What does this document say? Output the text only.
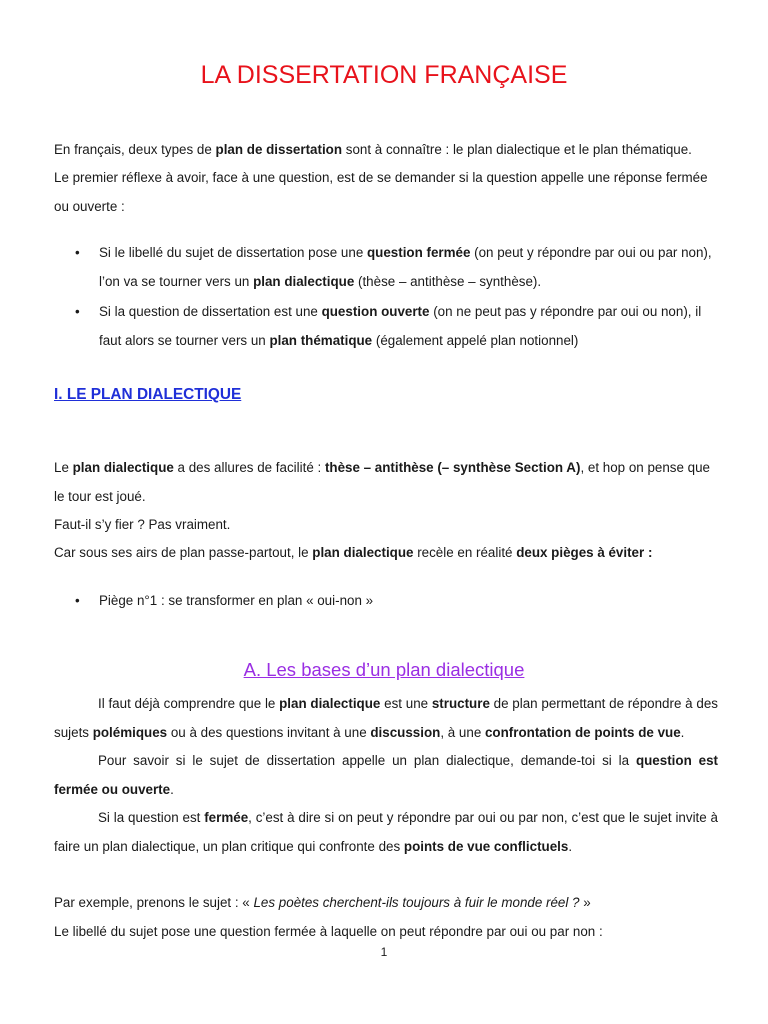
LA DISSERTATION FRANÇAISE

En français, deux types de plan de dissertation sont à connaître : le plan dialectique et le plan thématique.

Le premier réflexe à avoir, face à une question, est de se demander si la question appelle une réponse fermée ou ouverte :

• Si le libellé du sujet de dissertation pose une question fermée (on peut y répondre par oui ou par non), l’on va se tourner vers un plan dialectique (thèse – antithèse – synthèse).
• Si la question de dissertation est une question ouverte (on ne peut pas y répondre par oui ou non), il faut alors se tourner vers un plan thématique (également appelé plan notionnel)
I. LE PLAN DIALECTIQUE

Le plan dialectique a des allures de facilité : thèse – antithèse (– synthèse Section A), et hop on pense que le tour est joué.

Faut-il s’y fier ? Pas vraiment.

Car sous ses airs de plan passe-partout, le plan dialectique recèle en réalité deux pièges à éviter :

• Piège n°1 : se transformer en plan « oui-non »
A. Les bases d’un plan dialectique

Il faut déjà comprendre que le plan dialectique est une structure de plan permettant de répondre à des sujets polémiques ou à des questions invitant à une discussion, à une confrontation de points de vue.

Pour savoir si le sujet de dissertation appelle un plan dialectique, demande-toi si la question est fermée ou ouverte.

Si la question est fermée, c’est à dire si on peut y répondre par oui ou par non, c’est que le sujet invite à faire un plan dialectique, un plan critique qui confronte des points de vue conflictuels.

Par exemple, prenons le sujet : « Les poètes cherchent-ils toujours à fuir le monde réel ? »

Le libellé du sujet pose une question fermée à laquelle on peut répondre par oui ou par non :

1
